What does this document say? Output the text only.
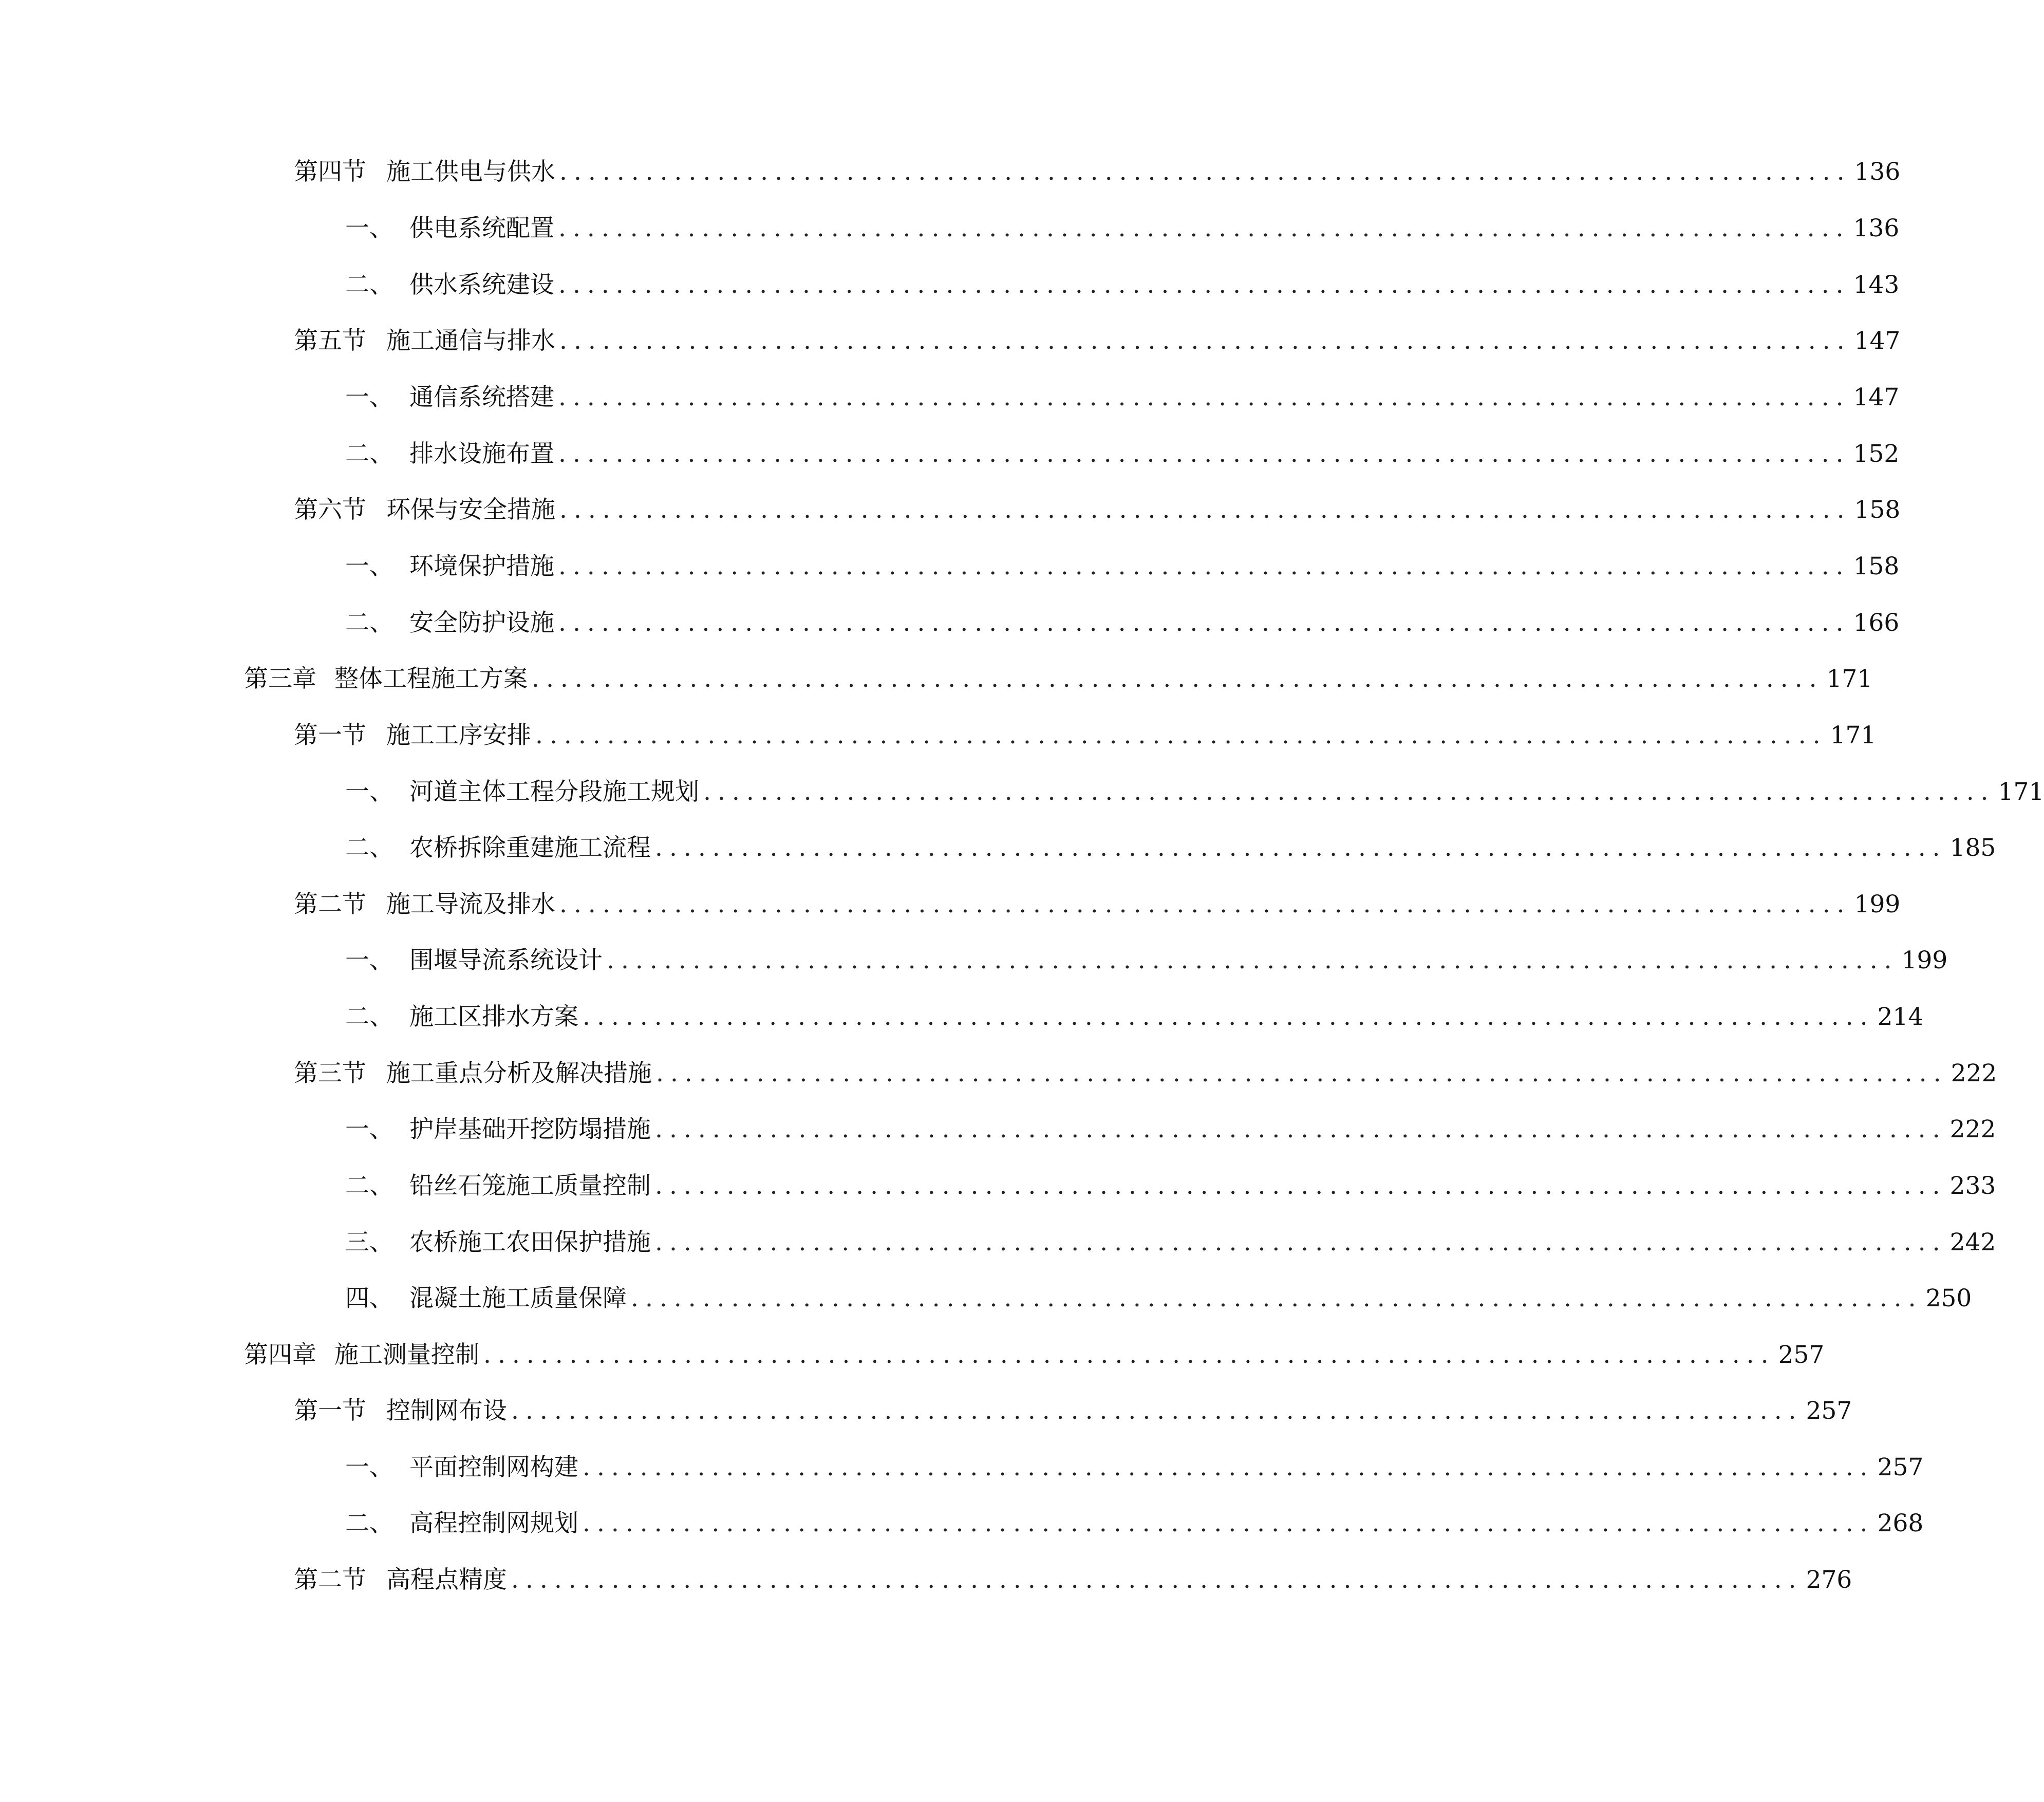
第四节 施工供电与供水 .......................................................................................... 136
一、 供电系统配置 .......................................................................................... 136
二、 供水系统建设 .......................................................................................... 143
第五节 施工通信与排水 .......................................................................................... 147
一、 通信系统搭建 .......................................................................................... 147
二、 排水设施布置 .......................................................................................... 152
第六节 环保与安全措施 .......................................................................................... 158
一、 环境保护措施 .......................................................................................... 158
二、 安全防护设施 .......................................................................................... 166
第三章 整体工程施工方案 .......................................................................................... 171
第一节 施工工序安排 .......................................................................................... 171
一、 河道主体工程分段施工规划 .......................................................................................... 171
二、 农桥拆除重建施工流程 .......................................................................................... 185
第二节 施工导流及排水 .......................................................................................... 199
一、 围堰导流系统设计 .......................................................................................... 199
二、 施工区排水方案 .......................................................................................... 214
第三节 施工重点分析及解决措施 .......................................................................................... 222
一、 护岸基础开挖防塌措施 .......................................................................................... 222
二、 铅丝石笼施工质量控制 .......................................................................................... 233
三、 农桥施工农田保护措施 .......................................................................................... 242
四、 混凝土施工质量保障 .......................................................................................... 250
第四章 施工测量控制 .......................................................................................... 257
第一节 控制网布设 .......................................................................................... 257
一、 平面控制网构建 .......................................................................................... 257
二、 高程控制网规划 .......................................................................................... 268
第二节 高程点精度 .......................................................................................... 276
